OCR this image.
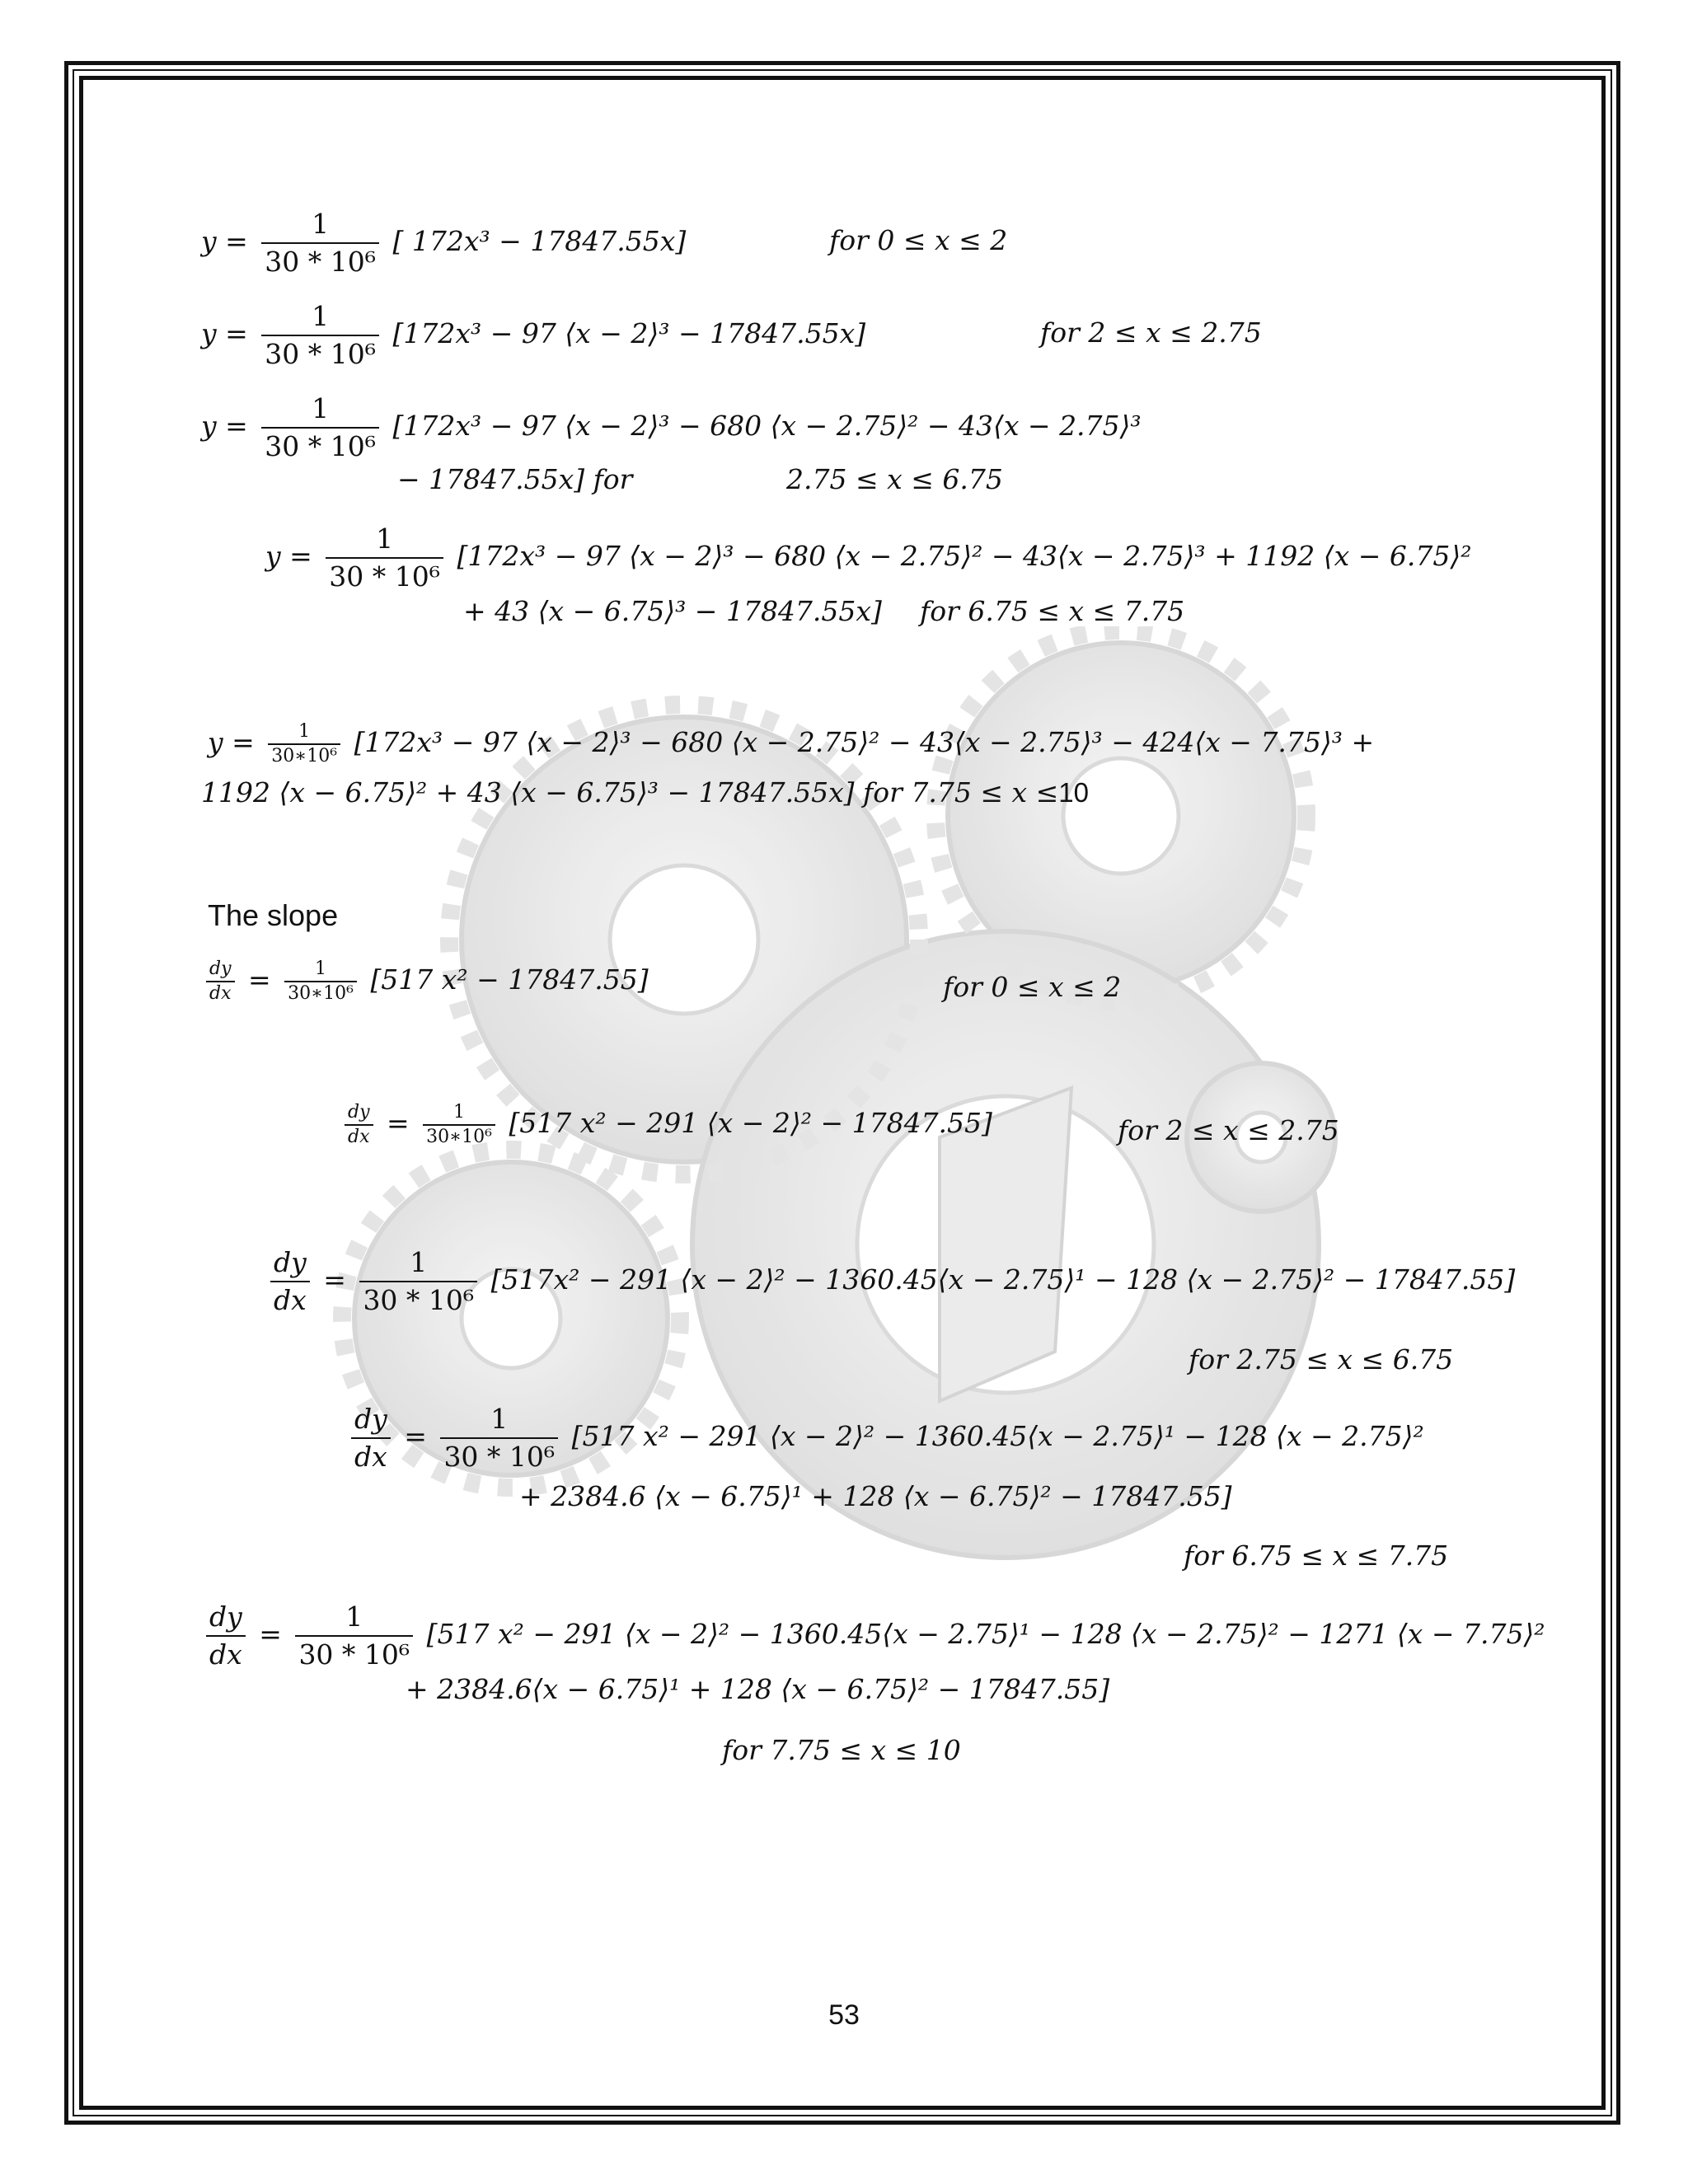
$y = \frac{1}{\text{30 * 10⁶}}$ [ 172x³ − 17847.55x]	for 0 ≤ x ≤ 2
$y = \frac{1}{\text{30 * 10⁶}} [172x^3 - 97$ ⟨x − 2⟩³ − 17847.55x]	for 2 ≤ x ≤ 2.75
$y = \frac{1}{\text{30 * 10⁶}} [172x^3 - 97$ ⟨x − 2⟩³ − 680 ⟨x − 2.75⟩² − 43⟨x − 2.75⟩³
− 17847.55x] for	2.75 ≤ x ≤ 6.75
$y = \frac{1}{\text{30 * 10⁶}} [172x^3 - 97$ ⟨x − 2⟩³ − 680 ⟨x − 2.75⟩² − 43⟨x − 2.75⟩³ + 1192 ⟨x − 6.75⟩²
+ 43 ⟨x − 6.75⟩³ − 17847.55x] for 6.75 ≤ x ≤ 7.75
$y = \frac{1}{\text{30∗10⁶}} [172x^3 - 97$ ⟨x − 2⟩³ − 680 ⟨x − 2.75⟩² − 43⟨x − 2.75⟩³ − 424⟨x − 7.75⟩³ +
1192 ⟨x − 6.75⟩² + 43 ⟨x − 6.75⟩³ − 17847.55x] for 7.75 ≤ x ≤10
The slope
$\frac{dy}{dx} = \frac{1}{\text{30∗10⁶}} [517$ x² − 17847.55]	for 0 ≤ x ≤ 2
$\frac{dy}{dx} = \frac{1}{\text{30∗10⁶}} [517$ x² − 291 ⟨x − 2⟩² − 17847.55]	for 2 ≤ x ≤ 2.75
$\frac{dy}{dx} = \frac{1}{\text{30 * 10⁶}} [517x^2 - 291$ ⟨x − 2⟩² − 1360.45⟨x − 2.75⟩¹ − 128 ⟨x − 2.75⟩² − 17847.55]
for 2.75 ≤ x ≤ 6.75
$\frac{dy}{dx} = \frac{1}{\text{30 * 10⁶}} [517$ x² − 291 ⟨x − 2⟩² − 1360.45⟨x − 2.75⟩¹ − 128 ⟨x − 2.75⟩²
+ 2384.6 ⟨x − 6.75⟩¹ + 128 ⟨x − 6.75⟩² − 17847.55]
for 6.75 ≤ x ≤ 7.75
$\frac{dy}{dx} = \frac{1}{\text{30 * 10⁶}} [517$ x² − 291 ⟨x − 2⟩² − 1360.45⟨x − 2.75⟩¹ − 128 ⟨x − 2.75⟩² − 1271 ⟨x − 7.75⟩²
+ 2384.6⟨x − 6.75⟩¹ + 128 ⟨x − 6.75⟩² − 17847.55]
for 7.75 ≤ x ≤ 10
53
